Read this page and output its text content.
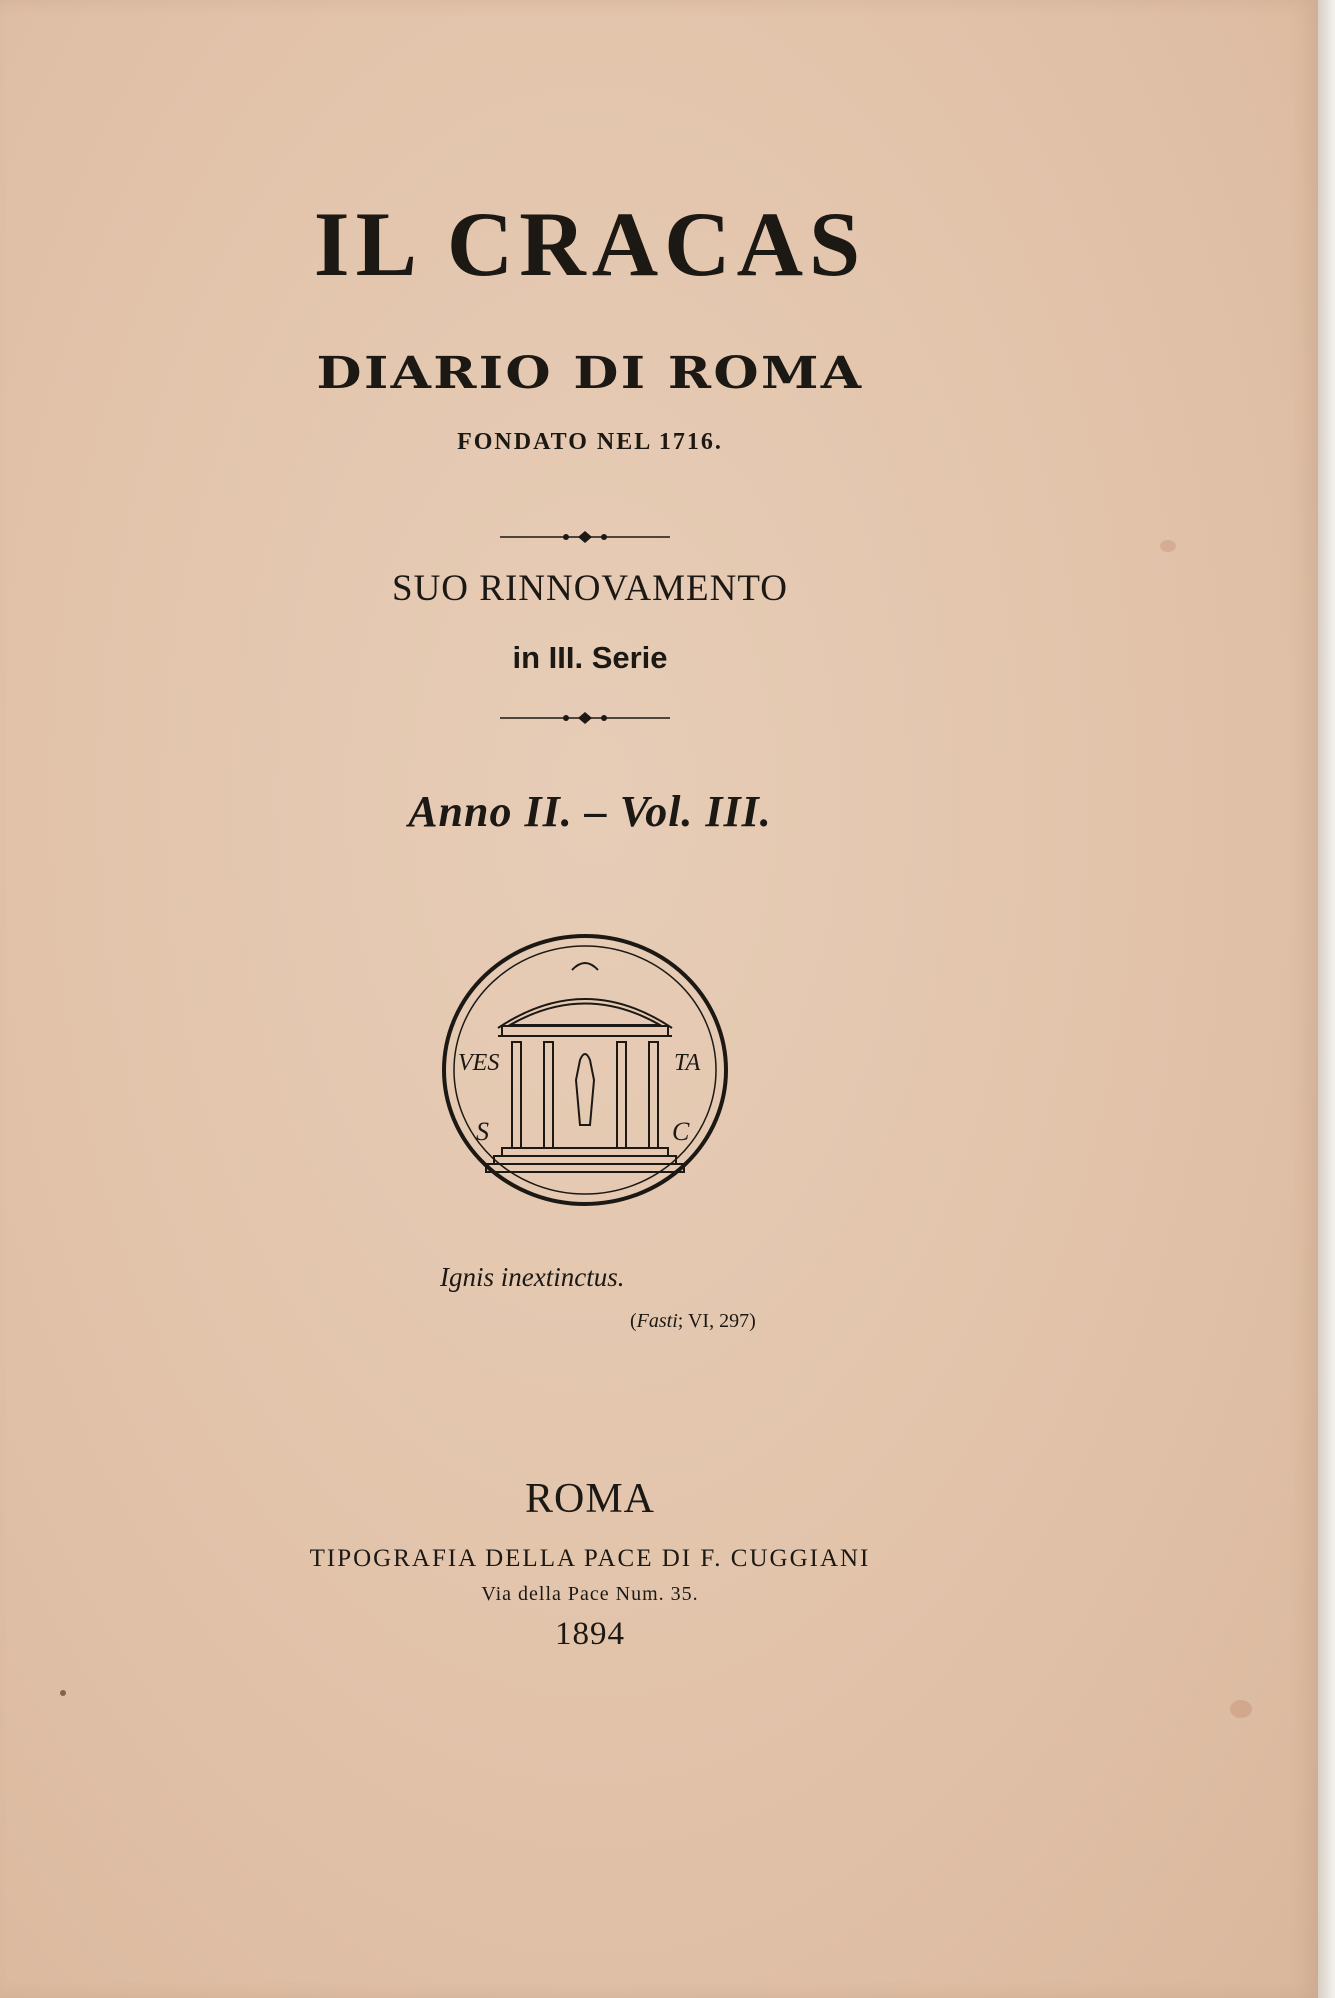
IL CRACAS
DIARIO DI ROMA
FONDATO NEL 1716.
SUO RINNOVAMENTO
in III. Serie
Anno II. – Vol. III.
VES	TA
S	C
Ignis inextinctus.
(Fasti; VI, 297)
ROMA
TIPOGRAFIA DELLA PACE DI F. CUGGIANI
Via della Pace Num. 35.
1894
